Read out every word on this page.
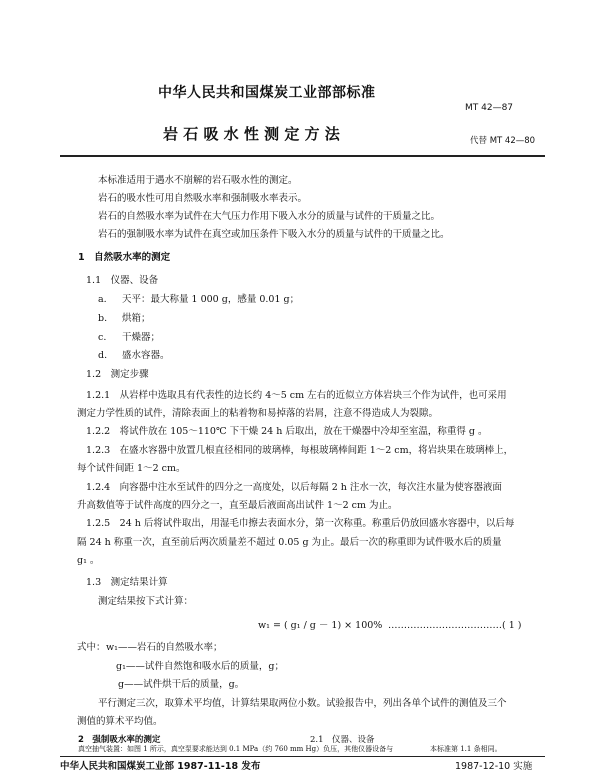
中华人民共和国煤炭工业部部标准
MT 42—87
岩 石 吸 水 性 测 定 方 法	代替 MT 42—80
本标准适用于遇水不崩解的岩石吸水性的测定。
岩石的吸水性可用自然吸水率和强制吸水率表示。
岩石的自然吸水率为试件在大气压力作用下吸入水分的质量与试件的干质量之比。
岩石的强制吸水率为试件在真空或加压条件下吸入水分的质量与试件的干质量之比。
1　自然吸水率的测定
1.1　仪器、设备
a. 天平：最大称量 1 000 g，感量 0.01 g；
b. 烘箱；
c. 干燥器；
d. 盛水容器。
1.2　测定步骤
1.2.1　从岩样中选取具有代表性的边长约 4～5 cm 左右的近似立方体岩块三个作为试件，也可采用
测定力学性质的试件，清除表面上的粘着物和易掉落的岩屑，注意不得造成人为裂隙。
1.2.2　将试件放在 105～110℃ 下干燥 24 h 后取出，放在干燥器中冷却至室温，称重得 g 。
1.2.3　在盛水容器中放置几根直径相同的玻璃棒，每根玻璃棒间距 1～2 cm，将岩块果在玻璃棒上，
每个试件间距 1～2 cm。
1.2.4　向容器中注水至试件的四分之一高度处，以后每隔 2 h 注水一次，每次注水量为使容器液面
升高数值等于试件高度的四分之一，直至最后液面高出试件 1～2 cm 为止。
1.2.5　24 h 后将试件取出，用湿毛巾擦去表面水分，第一次称重。称重后仍放回盛水容器中，以后每
隔 24 h 称重一次，直至前后两次质量差不超过 0.05 g 为止。最后一次的称重即为试件吸水后的质量
g₁ 。
1.3　测定结果计算
测定结果按下式计算：
w₁ = ( g₁ / g － 1) × 100% ………………………………( 1 )
式中： w₁——岩石的自然吸水率；
g₁——试件自然饱和吸水后的质量，g；
g——试件烘干后的质量，g。
平行测定三次，取算术平均值，计算结果取两位小数。试验报告中，列出各单个试件的测值及三个
测值的算术平均值。
2　强制吸水率的测定	2.1　仪器、设备
真空抽气装置：如图 1 所示，真空泵要求能达到 0.1 MPa（约 760 mm Hg）负压，其他仪器设备与	本标准第 1.1 条相同。
中华人民共和国煤炭工业部 1987-11-18 发布	1987-12-10 实施
